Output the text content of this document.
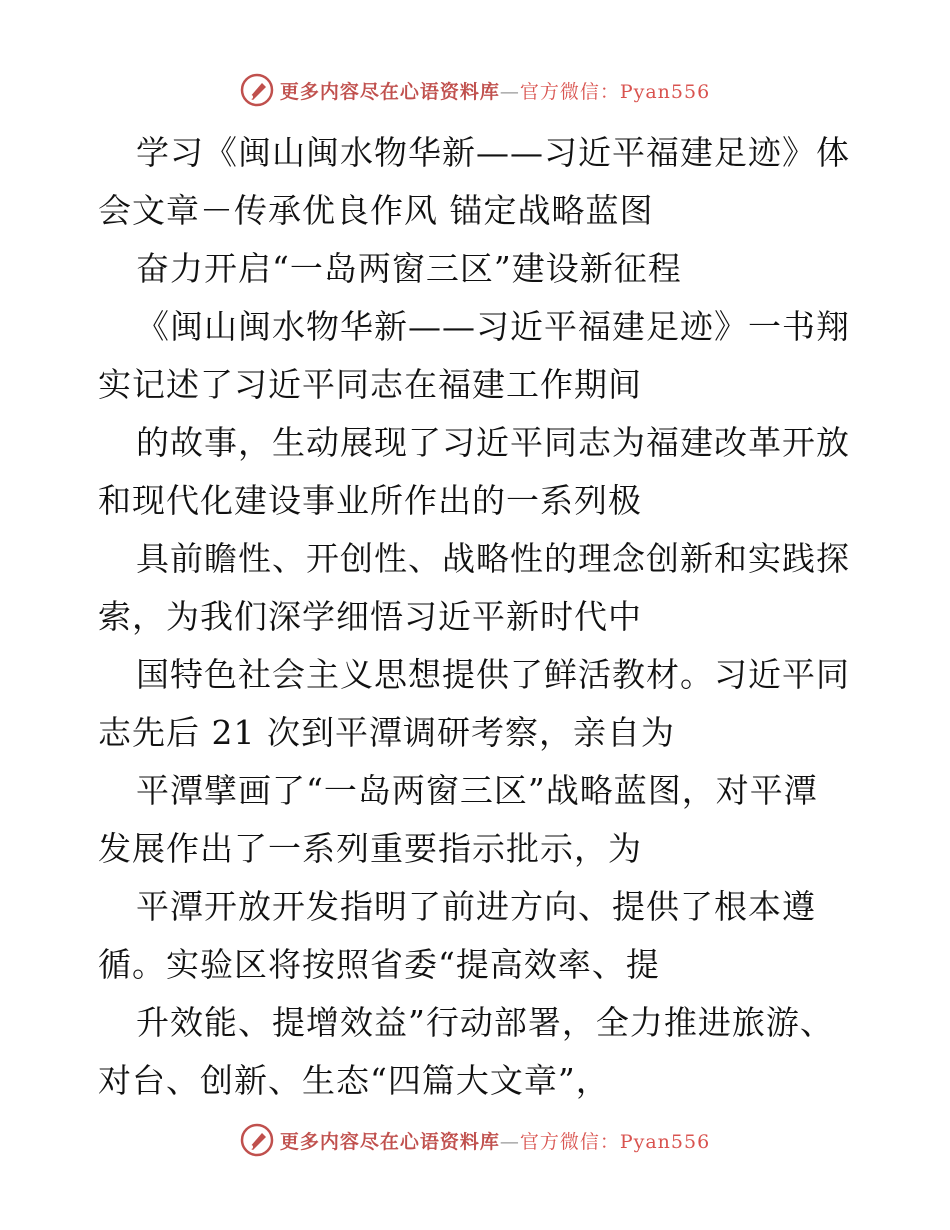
更多内容尽在心语资料库—官方微信：Pyan556
学习《闽山闽水物华新——习近平福建足迹》体
会文章－传承优良作风 锚定战略蓝图
奋力开启“一岛两窗三区”建设新征程
《闽山闽水物华新——习近平福建足迹》一书翔
实记述了习近平同志在福建工作期间
的故事，生动展现了习近平同志为福建改革开放
和现代化建设事业所作出的一系列极
具前瞻性、开创性、战略性的理念创新和实践探
索，为我们深学细悟习近平新时代中
国特色社会主义思想提供了鲜活教材。习近平同
志先后 21 次到平潭调研考察，亲自为
平潭擘画了“一岛两窗三区”战略蓝图，对平潭
发展作出了一系列重要指示批示，为
平潭开放开发指明了前进方向、提供了根本遵
循。实验区将按照省委“提高效率、提
升效能、提增效益”行动部署，全力推进旅游、
对台、创新、生态“四篇大文章”，
更多内容尽在心语资料库—官方微信：Pyan556
